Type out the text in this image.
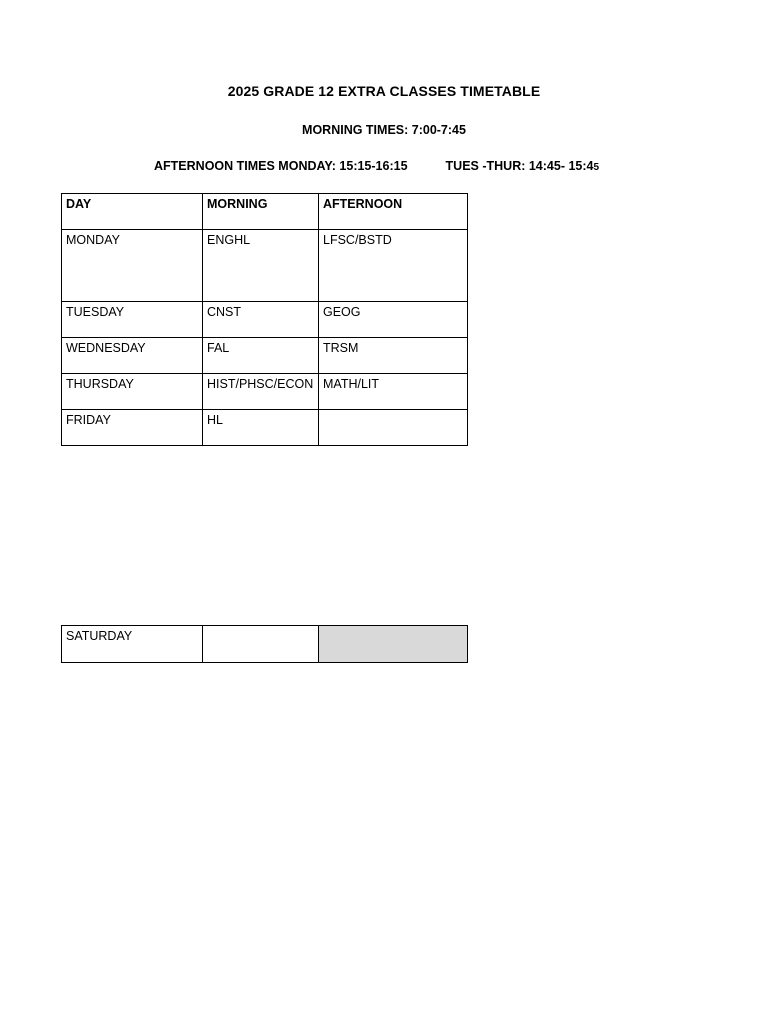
2025 GRADE 12 EXTRA CLASSES TIMETABLE
MORNING TIMES: 7:00-7:45
AFTERNOON TIMES MONDAY: 15:15-16:15	TUES -THUR: 14:45- 15:45
DAY	MORNING	AFTERNOON
MONDAY	ENGHL	LFSC/BSTD
TUESDAY	CNST	GEOG
WEDNESDAY	FAL	TRSM
THURSDAY	HIST/PHSC/ECON	MATH/LIT
FRIDAY	HL	
SATURDAY		
